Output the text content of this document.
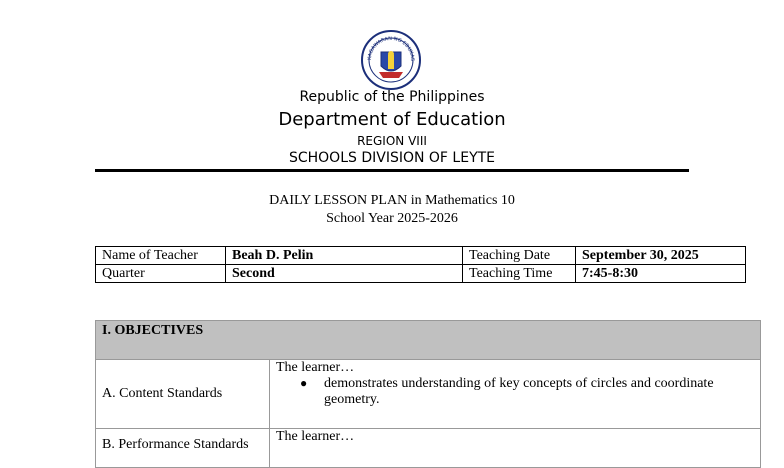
KAGAWARAN NG EDUKAS
Republic of the Philippines
Department of Education
REGION VIII
SCHOOLS DIVISION OF LEYTE
DAILY LESSON PLAN in Mathematics 10
School Year 2025-2026
Name of Teacher	Beah D. Pelin	Teaching Date	September 30, 2025
Quarter	Second	Teaching Time	7:45-8:30
I. OBJECTIVES	
A. Content Standards	The learner…
● demonstrates understanding of key concepts of circles and coordinate geometry.

B. Performance Standards	The learner…
